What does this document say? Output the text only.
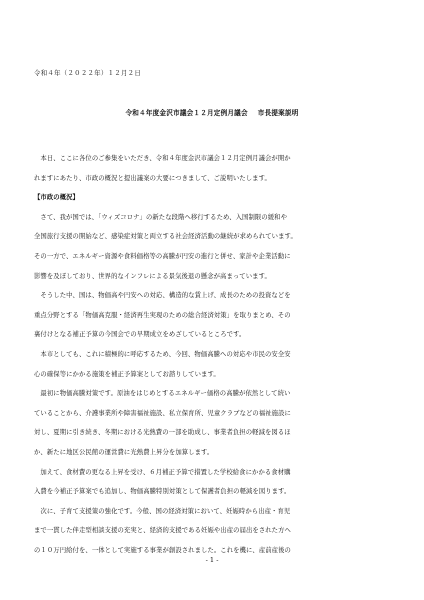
令和４年（２０２２年）１２月２日
令和４年度金沢市議会１２月定例月議会 市長提案説明
　本日、ここに各位のご参集をいただき、令和４年度金沢市議会１２月定例月議会が開か
れますにあたり、市政の概況と提出議案の大要につきまして、ご説明いたします。
【市政の概況】
　さて、我が国では、「ウィズコロナ」の新たな段階へ移行するため、入国制限の緩和や
全国旅行支援の開始など、感染症対策と両立する社会経済活動の継続が求められています。
その一方で、エネルギー資源や食料価格等の高騰が円安の進行と併せ、家計や企業活動に
影響を及ぼしており、世界的なインフレによる景気後退の懸念が高まっています。
　そうした中、国は、物価高や円安への対応、構造的な賃上げ、成長のための投資などを
重点分野とする「物価高克服・経済再生実現のための総合経済対策」を取りまとめ、その
裏付けとなる補正予算の今国会での早期成立をめざしているところです。
　本市としても、これに積極的に呼応するため、今回、物価高騰への対応や市民の安全安
心の確保等にかかる施策を補正予算案としてお諮りしています。
　最初に物価高騰対策です。原油をはじめとするエネルギー価格の高騰が依然として続い
ていることから、介護事業所や障害福祉施設、私立保育所、児童クラブなどの福祉施設に
対し、夏期に引き続き、冬期における光熱費の一部を助成し、事業者負担の軽減を図るほ
か、新たに地区公民館の運営費に光熱費上昇分を加算します。
　加えて、食材費の更なる上昇を受け、６月補正予算で措置した学校給食にかかる食材購
入費を今補正予算案でも追加し、物価高騰特別対策として保護者負担の軽減を図ります。
　次に、子育て支援策の強化です。今般、国の経済対策において、妊娠時から出産・育児
まで一貫した伴走型相談支援の充実と、経済的支援である妊娠や出産の届出をされた方へ
の１０万円給付を、一体として実施する事業が創設されました。これを機に、産前産後の
- 1 -
